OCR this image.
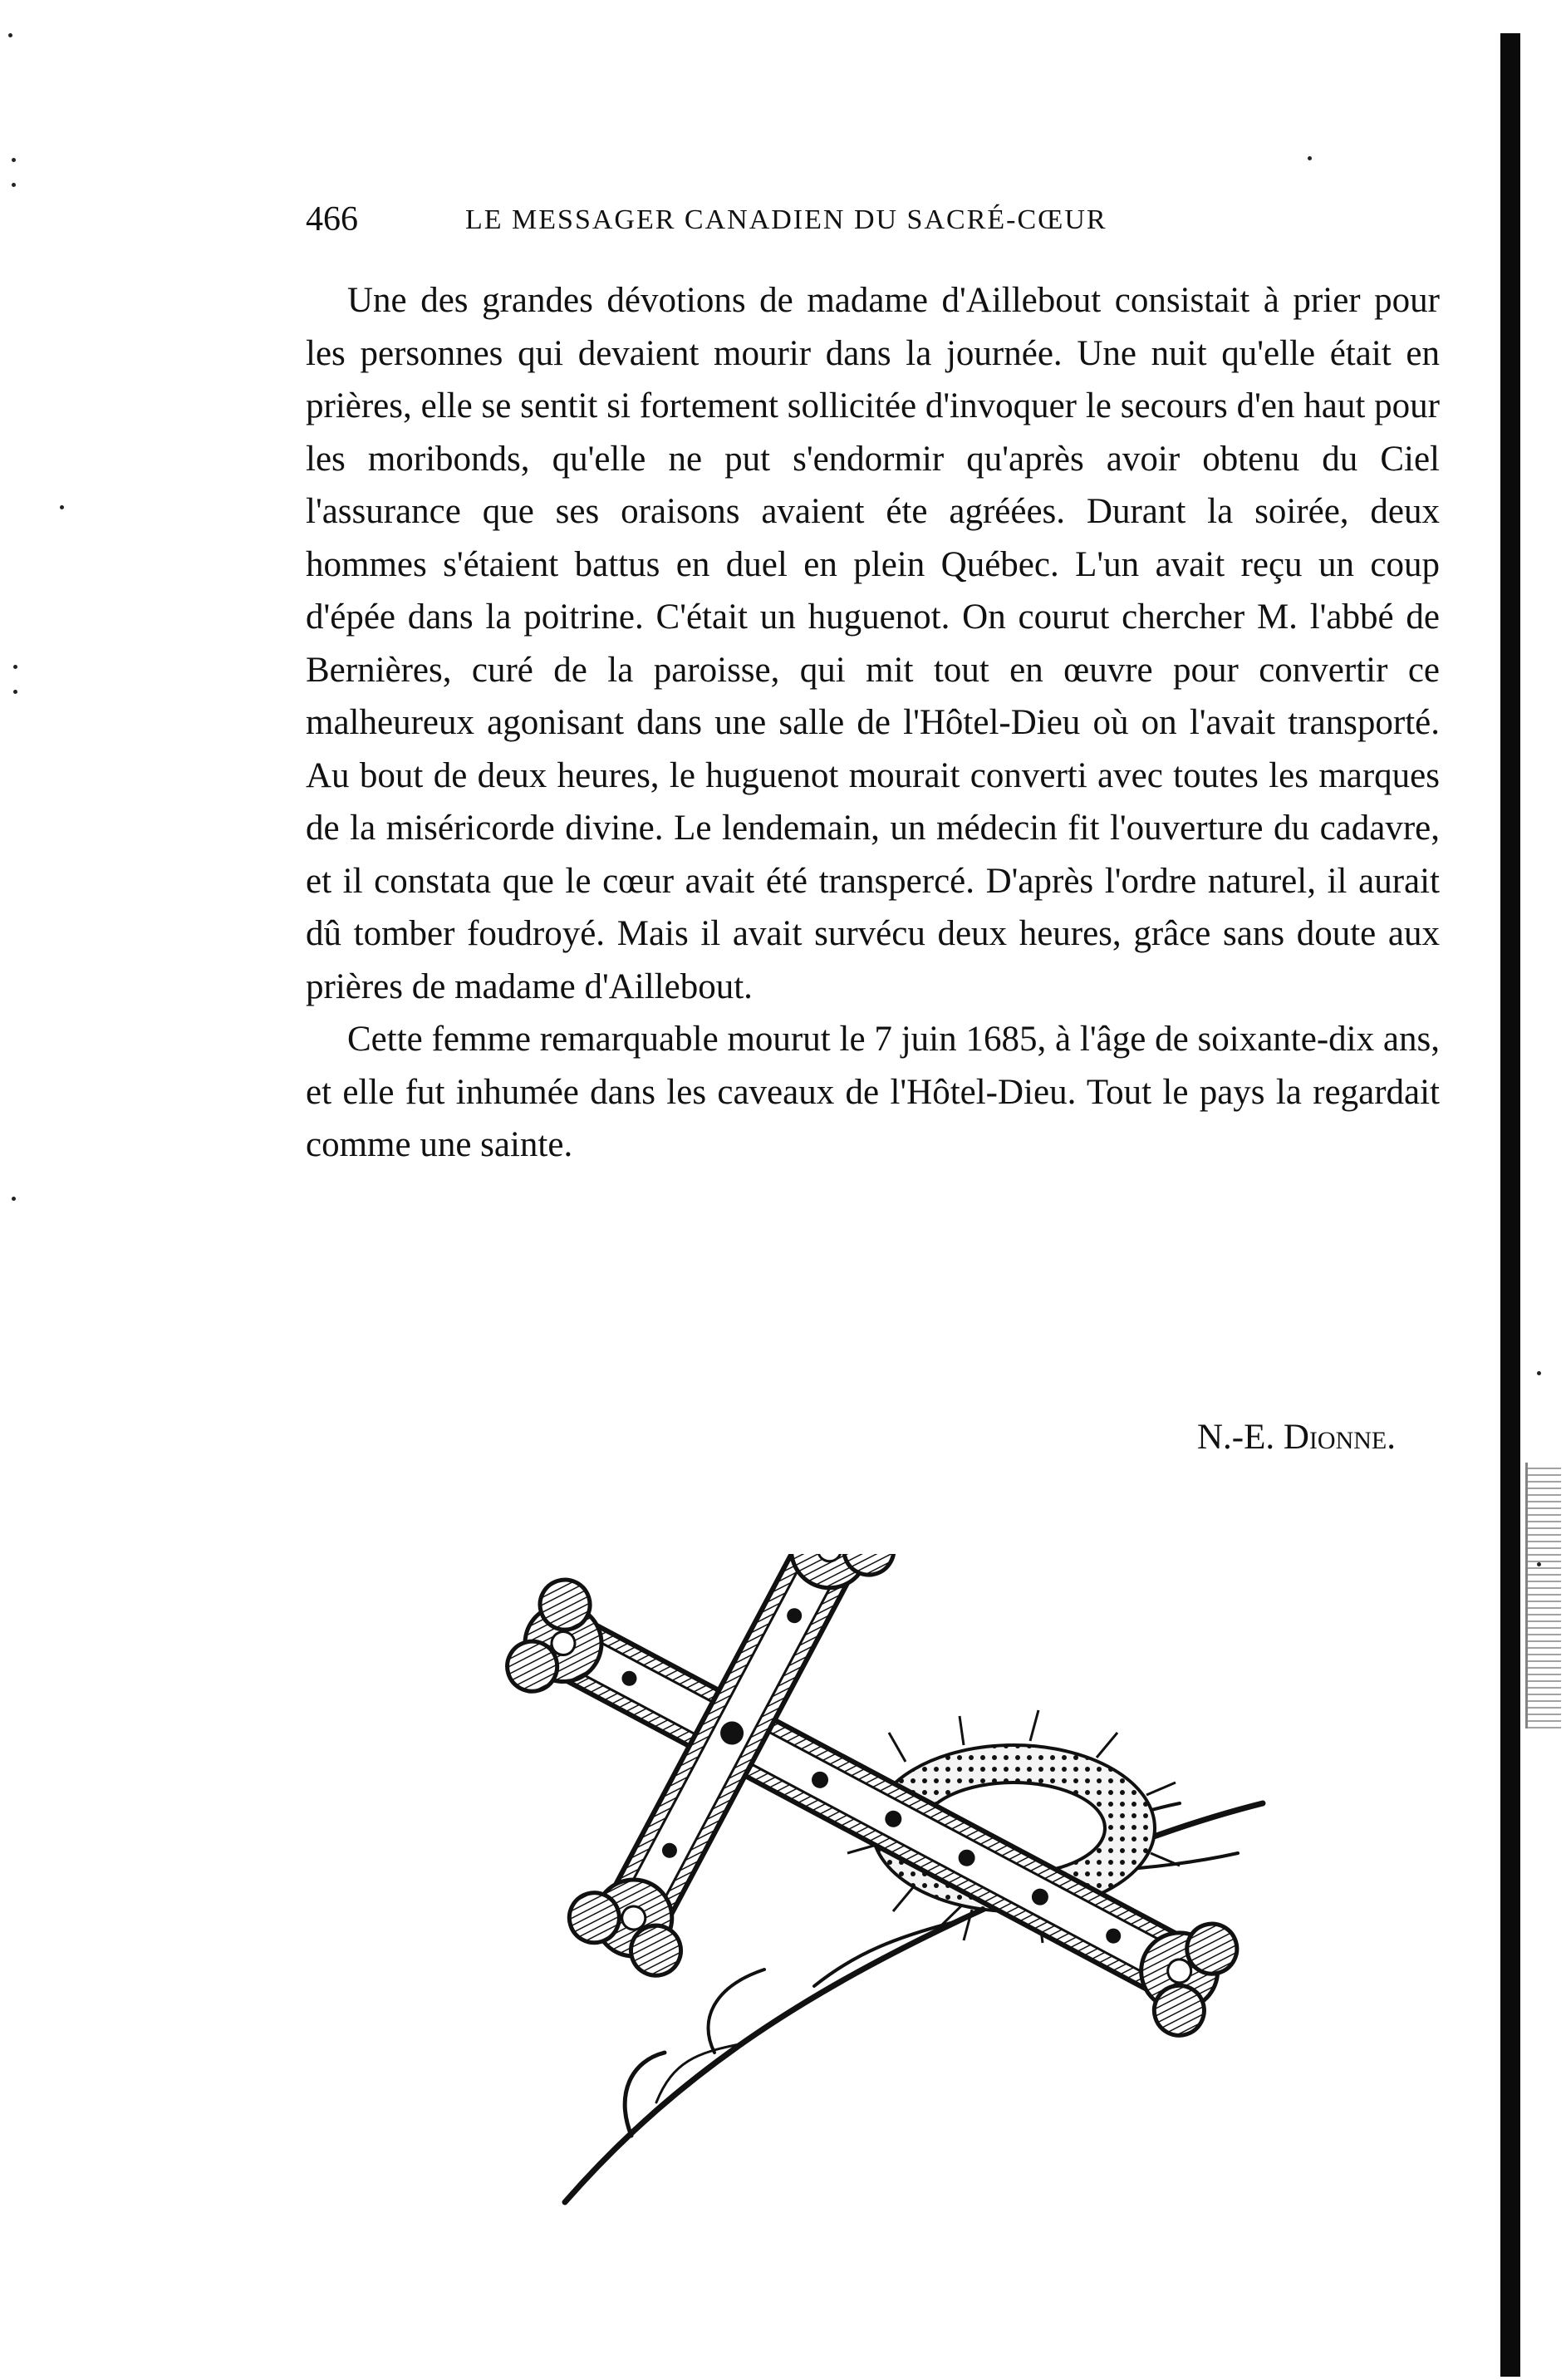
466	LE MESSAGER CANADIEN DU SACRÉ-CŒUR

Une des grandes dévotions de madame d'Aillebout consistait à prier pour les personnes qui devaient mourir dans la journée. Une nuit qu'elle était en prières, elle se sentit si fortement sollicitée d'invoquer le secours d'en haut pour les moribonds, qu'elle ne put s'endormir qu'après avoir obtenu du Ciel l'assurance que ses oraisons avaient éte agréées. Durant la soirée, deux hommes s'étaient battus en duel en plein Québec. L'un avait reçu un coup d'épée dans la poitrine. C'était un huguenot. On courut chercher M. l'abbé de Bernières, curé de la paroisse, qui mit tout en œuvre pour convertir ce malheureux agonisant dans une salle de l'Hôtel-Dieu où on l'avait transporté. Au bout de deux heures, le huguenot mourait converti avec toutes les marques de la miséricorde divine. Le lendemain, un médecin fit l'ouverture du cadavre, et il constata que le cœur avait été transpercé. D'après l'ordre naturel, il aurait dû tomber foudroyé. Mais il avait survécu deux heures, grâce sans doute aux prières de madame d'Aillebout.

Cette femme remarquable mourut le 7 juin 1685, à l'âge de soixante-dix ans, et elle fut inhumée dans les caveaux de l'Hôtel-Dieu. Tout le pays la regardait comme une sainte.

N.-E. Dionne.
